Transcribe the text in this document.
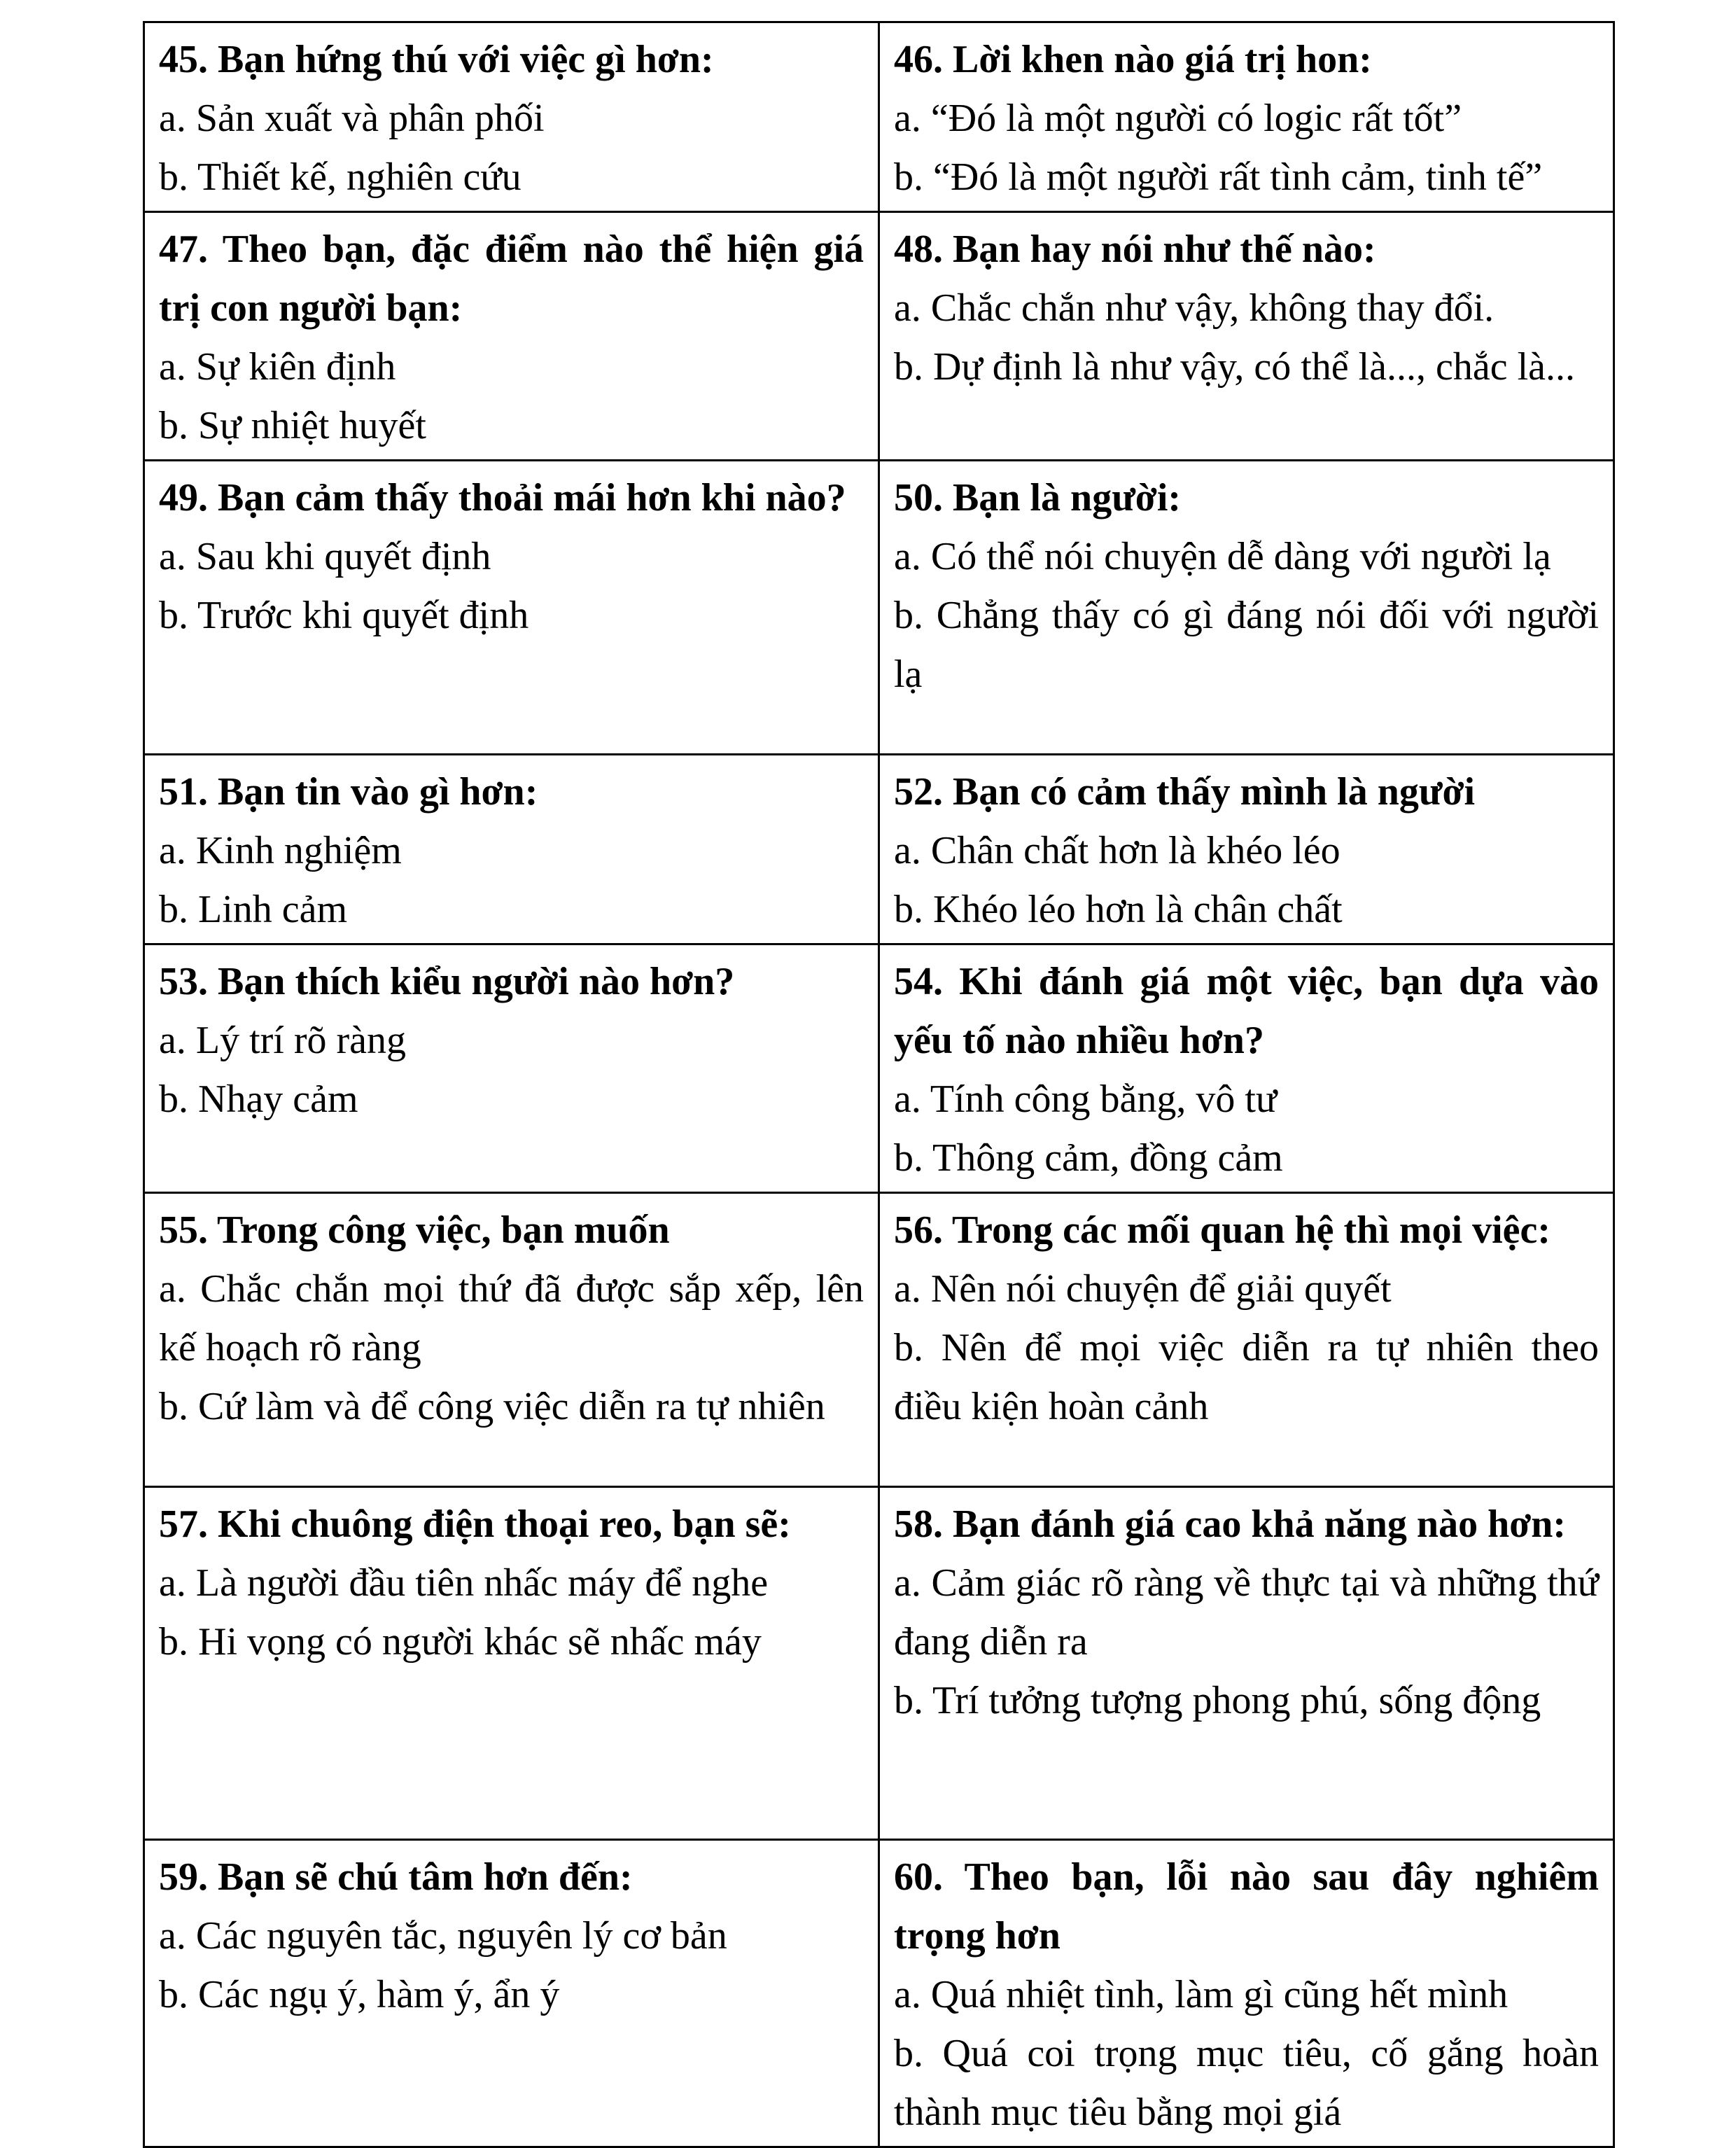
45. Bạn hứng thú với việc gì hơn:
a. Sản xuất và phân phối
b. Thiết kế, nghiên cứu	46. Lời khen nào giá trị hon:
a. “Đó là một người có logic rất tốt”
b. “Đó là một người rất tình cảm, tinh tế”

47. Theo bạn, đặc điểm nào thể hiện giá trị con người bạn:
a. Sự kiên định
b. Sự nhiệt huyết	48. Bạn hay nói như thế nào:
a. Chắc chắn như vậy, không thay đổi.
b. Dự định là như vậy, có thể là..., chắc là...

49. Bạn cảm thấy thoải mái hơn khi nào?
a. Sau khi quyết định
b. Trước khi quyết định	50. Bạn là người:
a. Có thể nói chuyện dễ dàng với người lạ
b. Chẳng thấy có gì đáng nói đối với người lạ

51. Bạn tin vào gì hơn:
a. Kinh nghiệm
b. Linh cảm	52. Bạn có cảm thấy mình là người
a. Chân chất hơn là khéo léo
b. Khéo léo hơn là chân chất

53. Bạn thích kiểu người nào hơn?
a. Lý trí rõ ràng
b. Nhạy cảm	54. Khi đánh giá một việc, bạn dựa vào yếu tố nào nhiều hơn?
a. Tính công bằng, vô tư
b. Thông cảm, đồng cảm

55. Trong công việc, bạn muốn
a. Chắc chắn mọi thứ đã được sắp xếp, lên kế hoạch rõ ràng
b. Cứ làm và để công việc diễn ra tự nhiên	56. Trong các mối quan hệ thì mọi việc:
a. Nên nói chuyện để giải quyết
b. Nên để mọi việc diễn ra tự nhiên theo điều kiện hoàn cảnh

57. Khi chuông điện thoại reo, bạn sẽ:
a. Là người đầu tiên nhấc máy để nghe
b. Hi vọng có người khác sẽ nhấc máy	58. Bạn đánh giá cao khả năng nào hơn:
a. Cảm giác rõ ràng về thực tại và những thứ đang diễn ra
b. Trí tưởng tượng phong phú, sống động

59. Bạn sẽ chú tâm hơn đến:
a. Các nguyên tắc, nguyên lý cơ bản
b. Các ngụ ý, hàm ý, ẩn ý	60. Theo bạn, lỗi nào sau đây nghiêm trọng hơn
a. Quá nhiệt tình, làm gì cũng hết mình
b. Quá coi trọng mục tiêu, cố gắng hoàn thành mục tiêu bằng mọi giá
